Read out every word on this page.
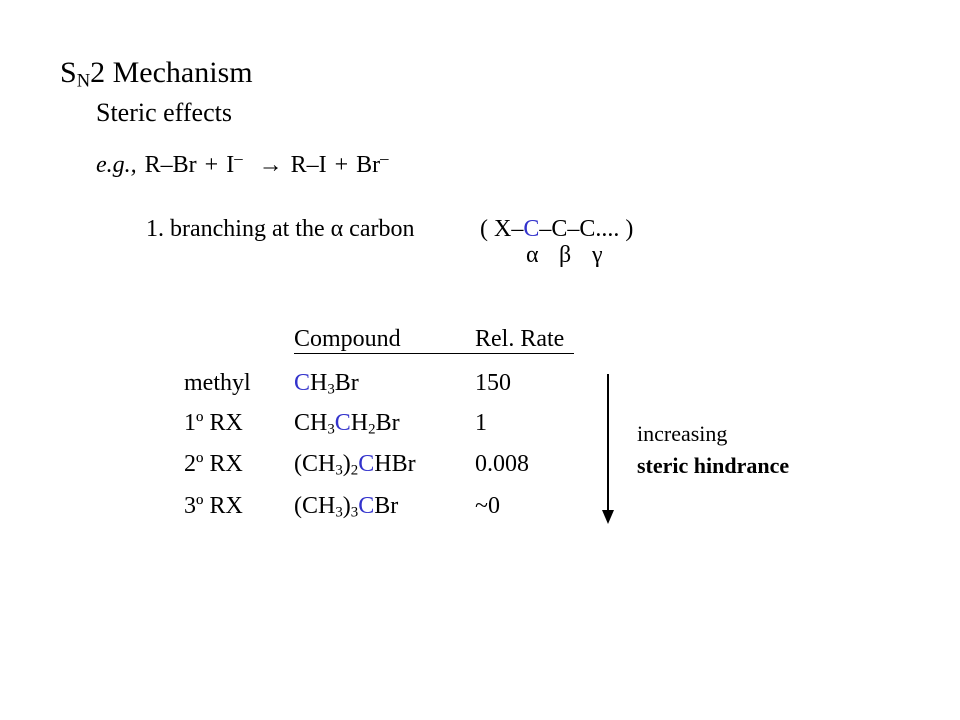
$S_N2$ Mechanism
Steric effects
e.g., R–Br + I– → R–I + Br–
1. branching at the α carbon	( X–C–C–C.... )
α β γ
Compound	Rel. Rate
methyl $CH_3Br$	150
1º RX $CH_3CH_2Br$	1
2º RX $(CH_3)_2CHBr$ 0.008
3º RX $(CH_3)_3CBr$	~0
increasing
steric hindrance
